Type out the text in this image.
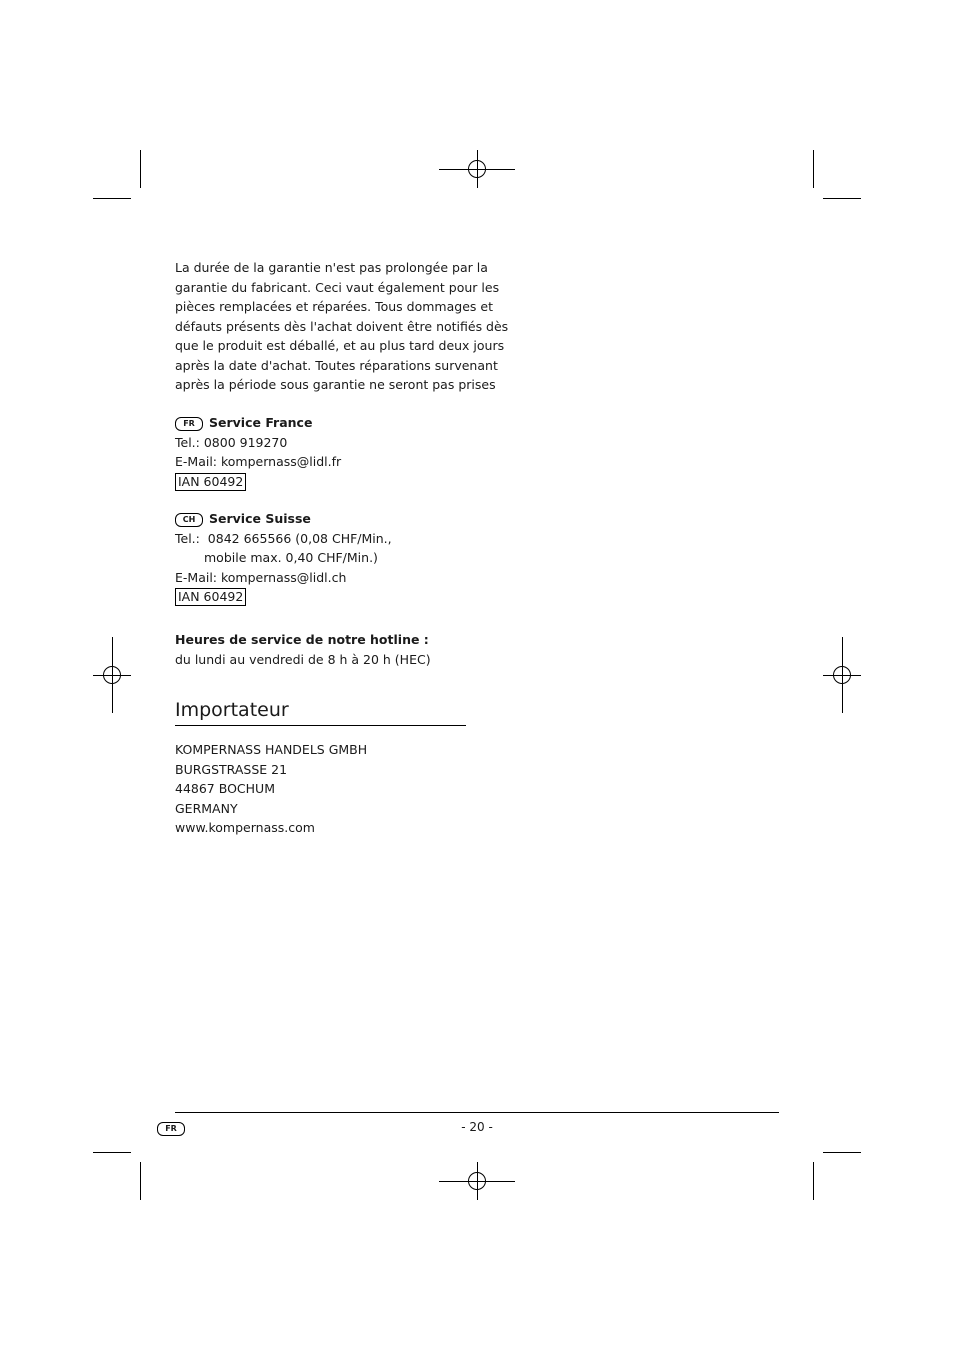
La durée de la garantie n'est pas prolongée par la
garantie du fabricant. Ceci vaut également pour les
pièces remplacées et réparées. Tous dommages et
défauts présents dès l'achat doivent être notifiés dès
que le produit est déballé, et au plus tard deux jours
après la date d'achat. Toutes réparations survenant
après la période sous garantie ne seront pas prises

FR Service France
Tel.: 0800 919270
E-Mail: kompernass@lidl.fr
IAN 60492
CH Service Suisse
Tel.:  0842 665566 (0,08 CHF/Min.,
mobile max. 0,40 CHF/Min.)
E-Mail: kompernass@lidl.ch
IAN 60492
Heures de service de notre hotline :
du lundi au vendredi de 8 h à 20 h (HEC)
Importateur
KOMPERNASS HANDELS GMBH
BURGSTRASSE 21
44867 BOCHUM
GERMANY
www.kompernass.com
FR	- 20 -
